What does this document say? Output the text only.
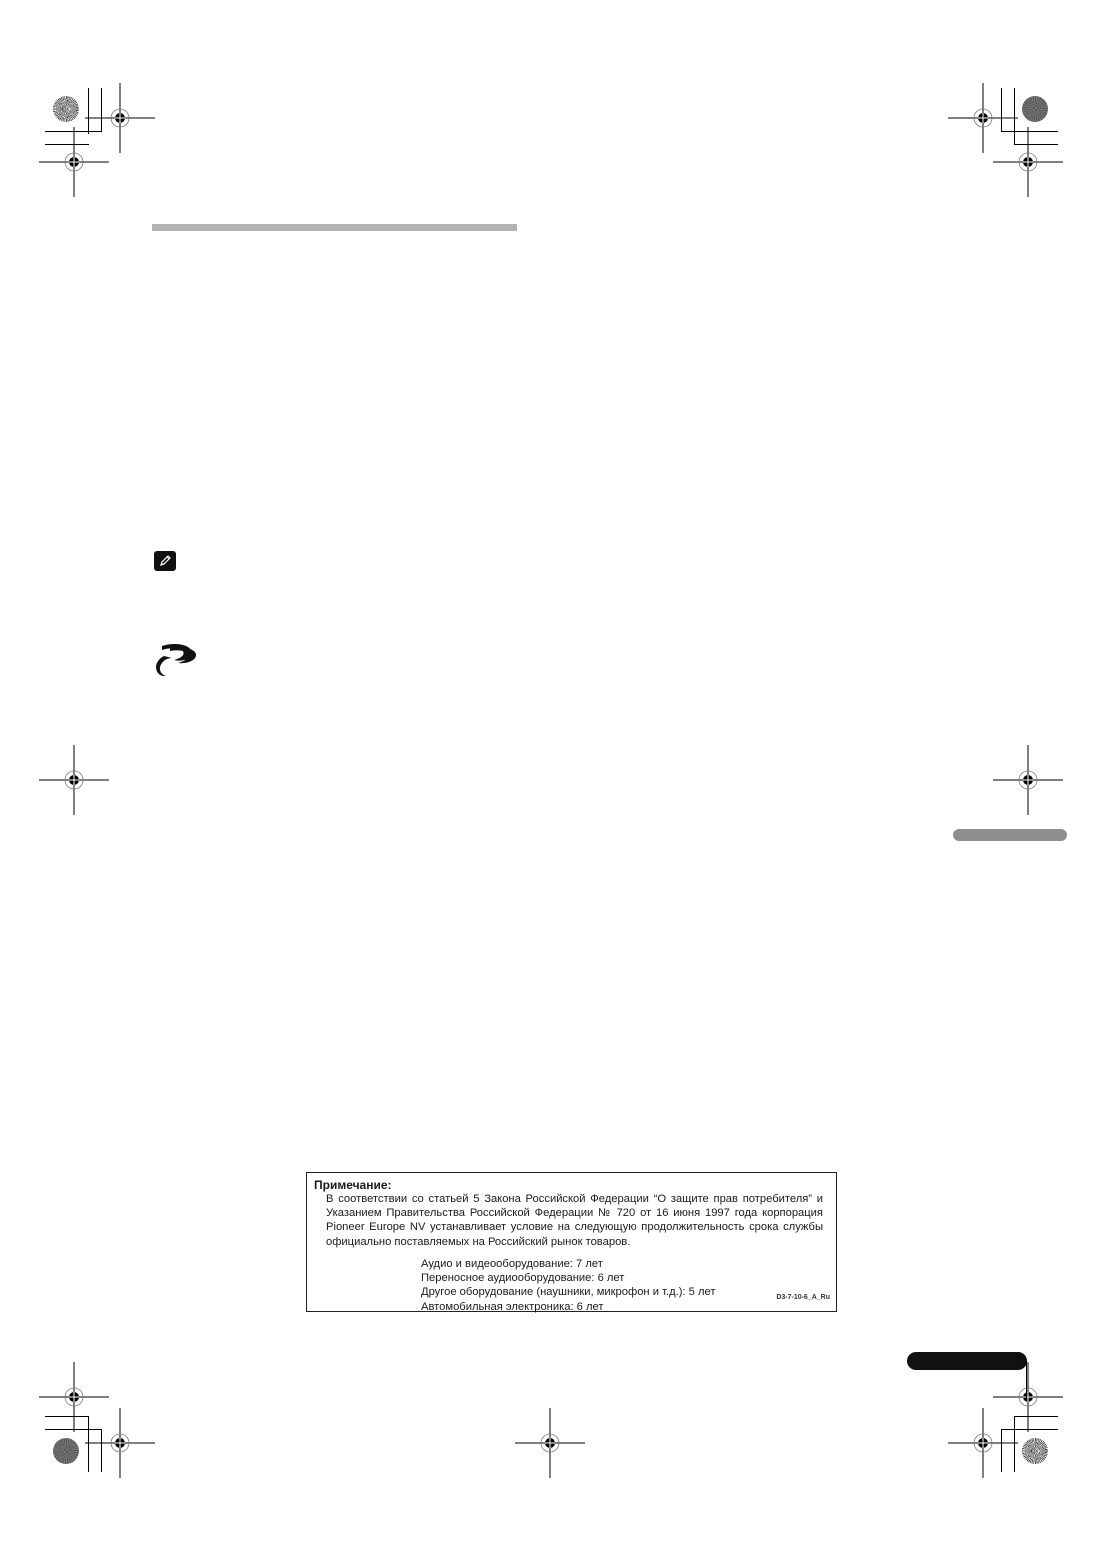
Примечание:
В соответствии со статьей 5 Закона Российской Федерации “О защите прав потребителя” и
Указанием Правительства Российской Федерации № 720 от 16 июня 1997 года корпорация
Pioneer Europe NV устанавливает условие на следующую продолжительность срока службы
официально поставляемых на Российский рынок товаров.
Аудио и видеооборудование: 7 лет
Переносное аудиооборудование: 6 лет
Другое оборудование (наушники, микрофон и т.д.): 5 лет
Автомобильная электроника: 6 лет
D3-7-10-6_A_Ru
